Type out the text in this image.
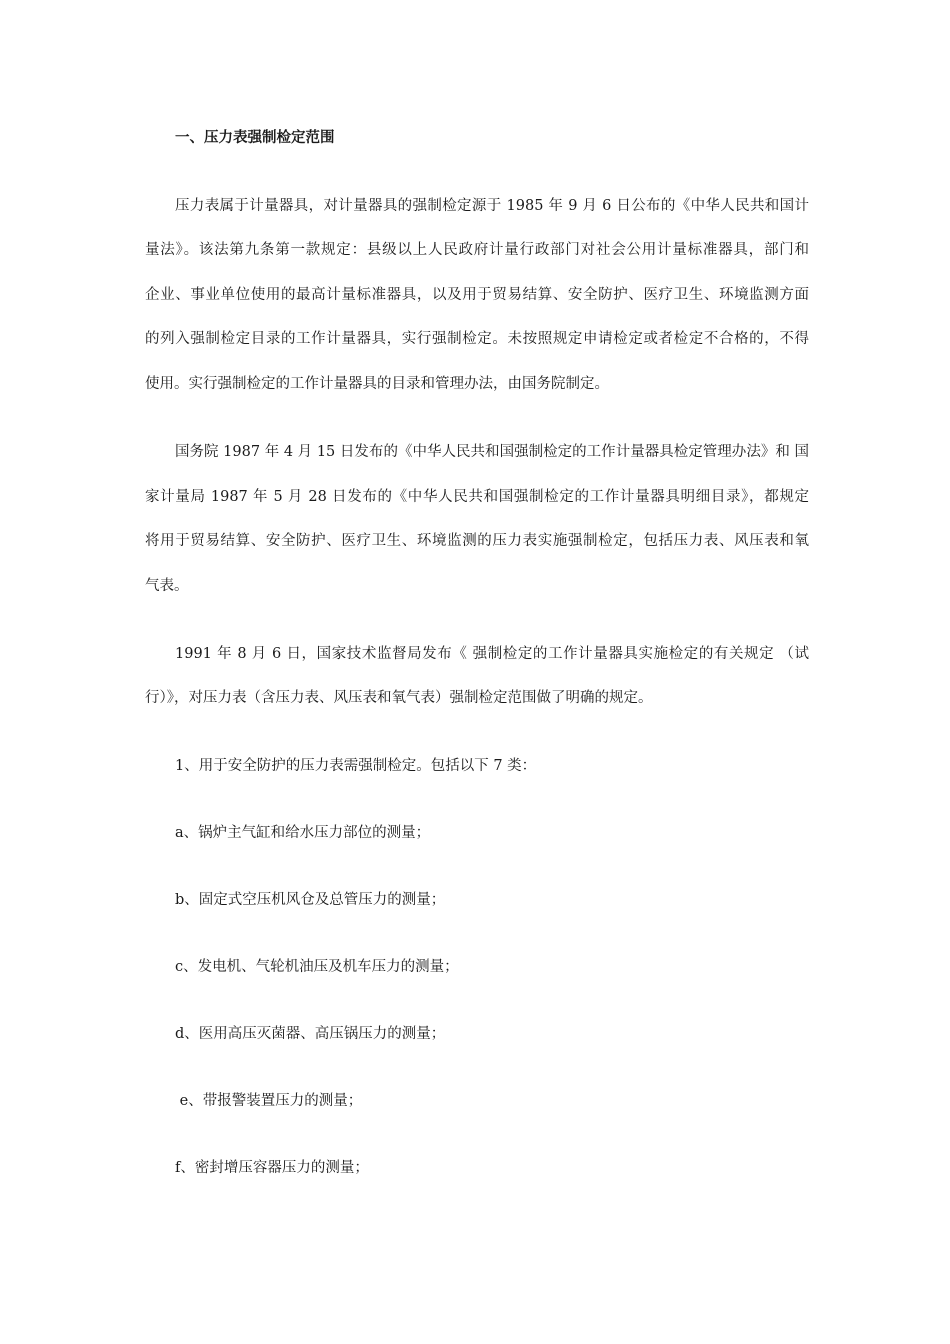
一、压力表强制检定范围
压力表属于计量器具，对计量器具的强制检定源于 1985 年 9 月 6 日公布的《中华人民共和国计
量法》。该法第九条第一款规定：县级以上人民政府计量行政部门对社会公用计量标准器具，部门和
企业、事业单位使用的最高计量标准器具，以及用于贸易结算、安全防护、医疗卫生、环境监测方面
的列入强制检定目录的工作计量器具，实行强制检定。未按照规定申请检定或者检定不合格的，不得
使用。实行强制检定的工作计量器具的目录和管理办法，由国务院制定。
国务院 1987 年 4 月 15 日发布的《中华人民共和国强制检定的工作计量器具检定管理办法》和 国
家计量局 1987 年 5 月 28 日发布的《中华人民共和国强制检定的工作计量器具明细目录》，都规定
将用于贸易结算、安全防护、医疗卫生、环境监测的压力表实施强制检定，包括压力表、风压表和氧
气表。
1991 年 8 月 6 日，国家技术监督局发布《 强制检定的工作计量器具实施检定的有关规定 （试
行）》，对压力表（含压力表、风压表和氧气表）强制检定范围做了明确的规定。
1、用于安全防护的压力表需强制检定。包括以下 7 类：
a、锅炉主气缸和给水压力部位的测量；
b、固定式空压机风仓及总管压力的测量；
c、发电机、气轮机油压及机车压力的测量；
d、医用高压灭菌器、高压锅压力的测量；
e、带报警装置压力的测量；
f、密封增压容器压力的测量；
